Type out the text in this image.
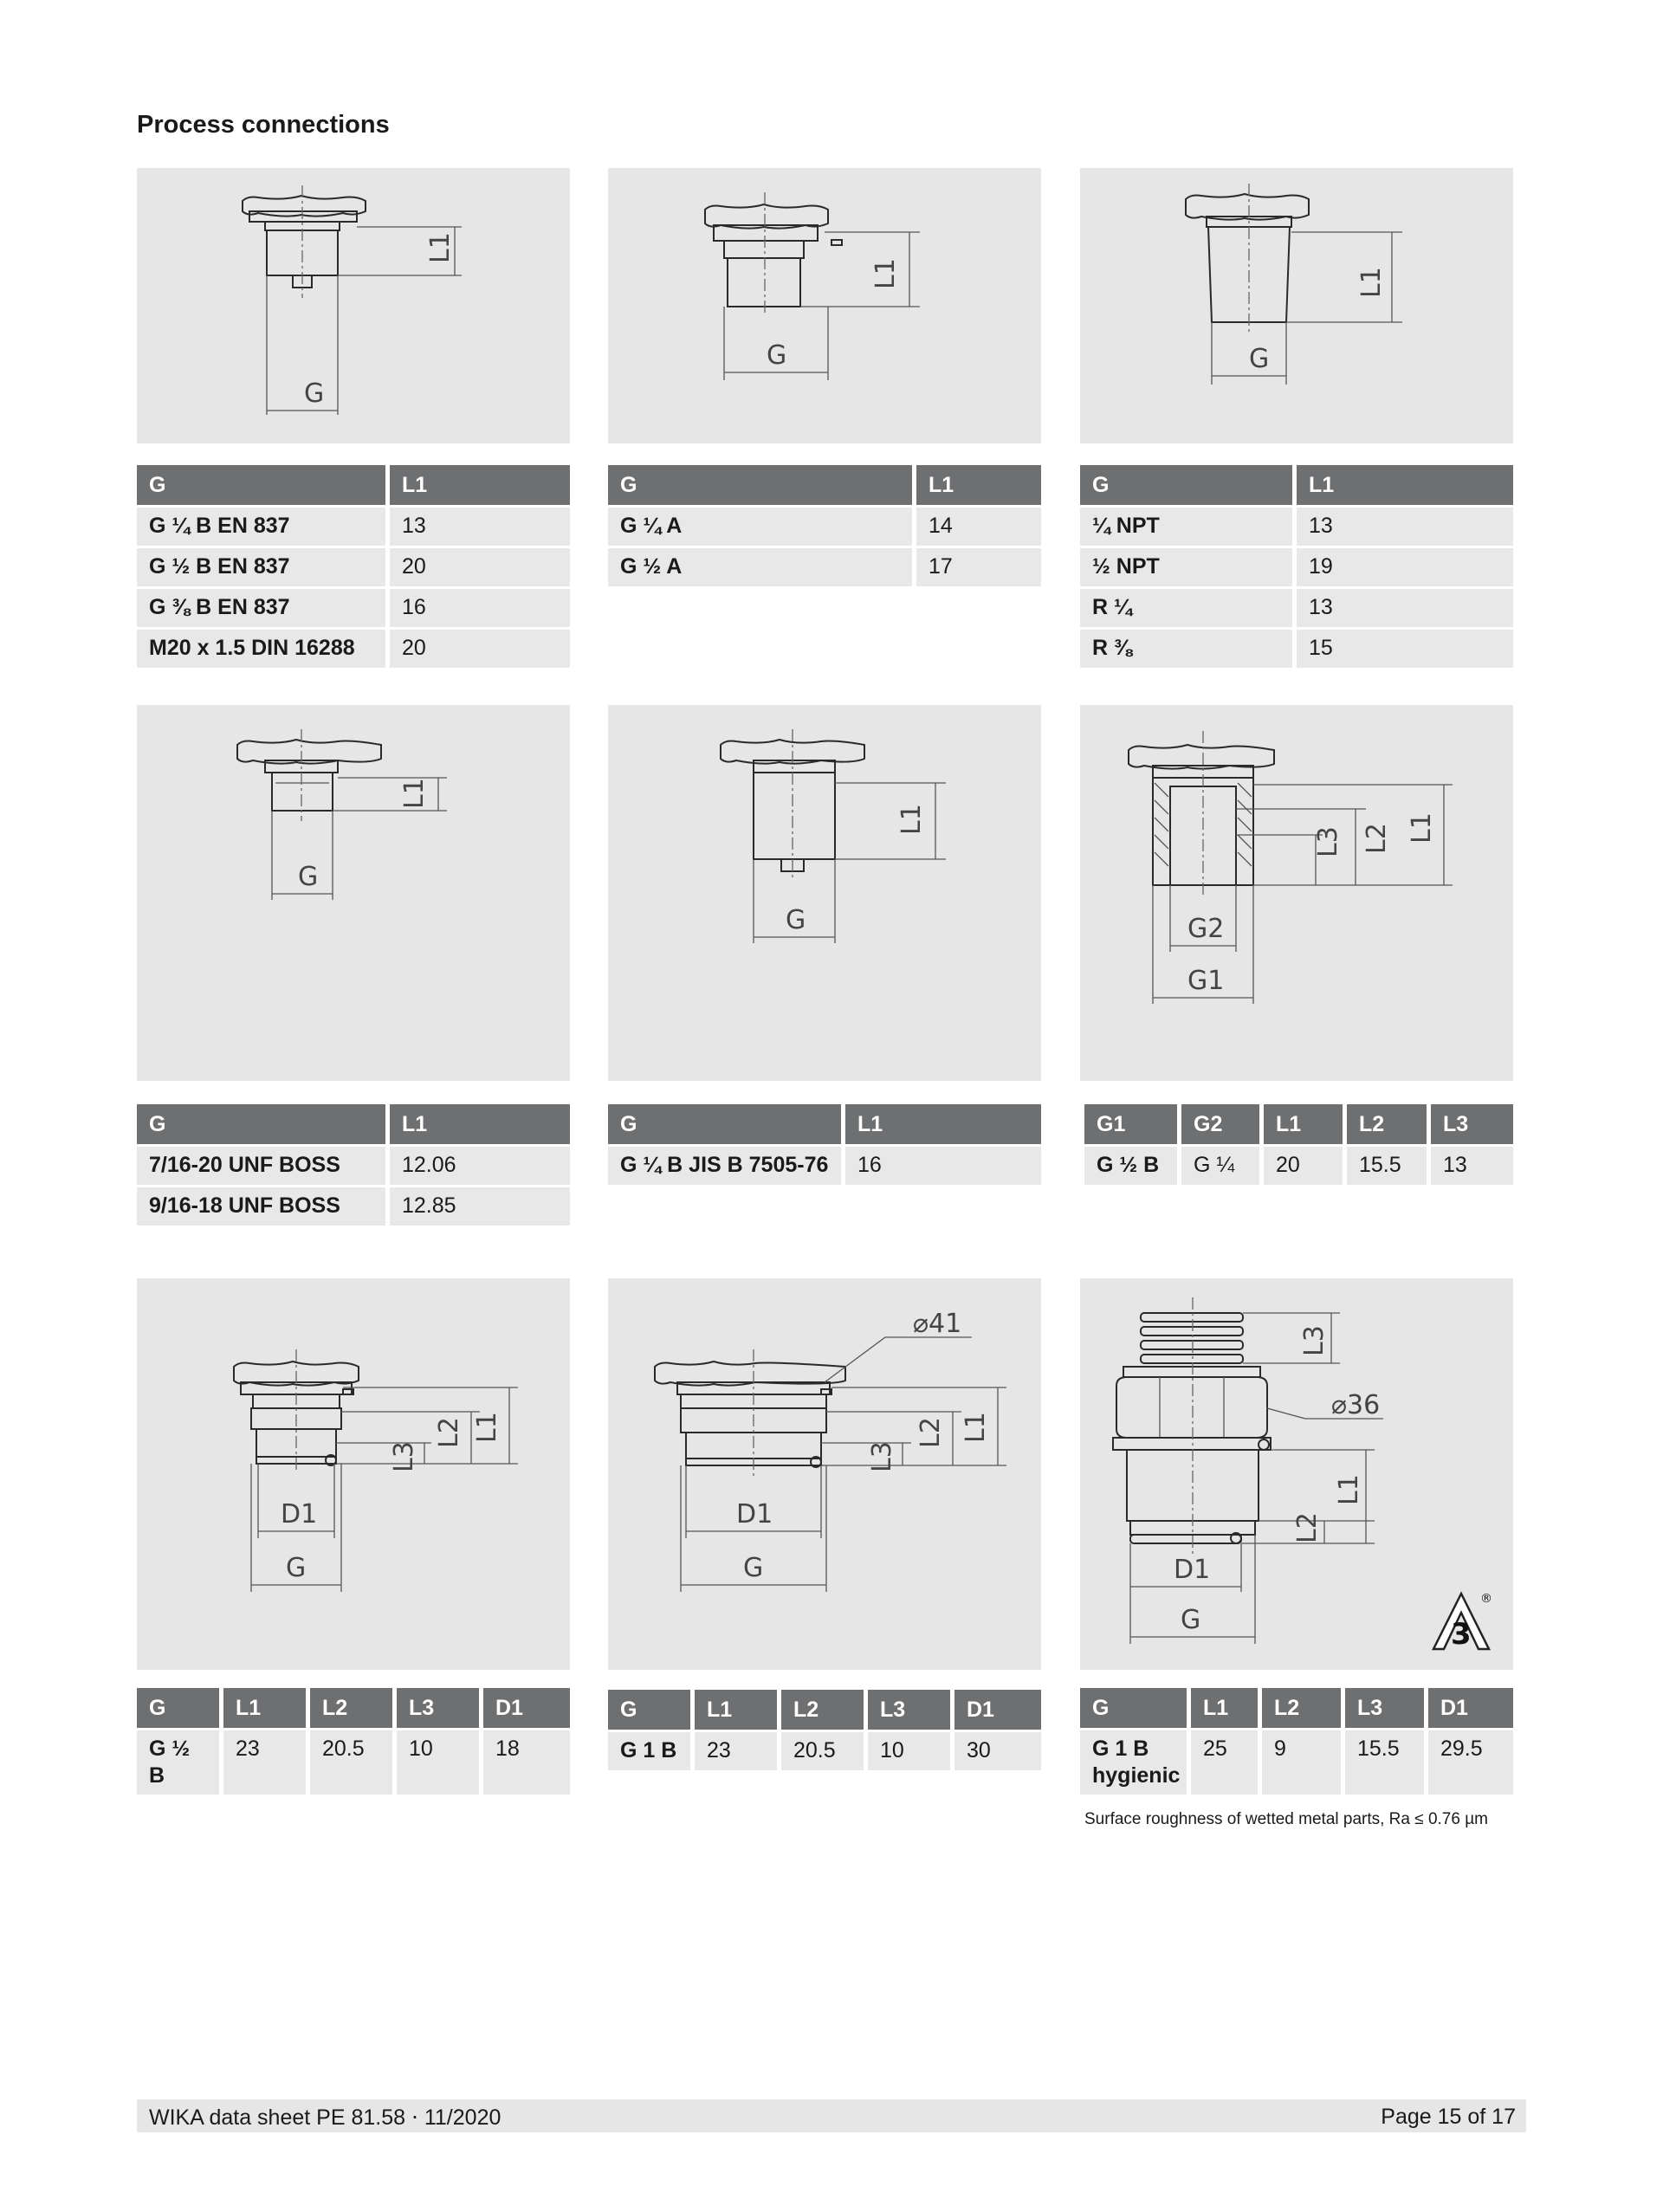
Process connections
L1
G
L1
G
L1
G
G	L1
G ¼ B EN 837	13
G ½ B EN 837	20
G ⅜ B EN 837	16
M20 x 1.5 DIN 16288	20
G	L1
G ¼ A	14
G ½ A	17
G	L1
¼ NPT	13
½ NPT	19
R ¼	13
R ⅜	15
L1
G
L1
G
L1
L2
L3
G2
G1
G	L1
7/16-20 UNF BOSS	12.06
9/16-18 UNF BOSS	12.85
G	L1
G ¼ B JIS B 7505-76	16
G1	G2	L1	L2	L3
G ½ B	G ¼	20	15.5	13
L1
L2
L3
D1
G
⌀41
L1
L2
L3
D1
G
L3
⌀36
L1
L2
D1
G	3
®
G	L1	L2	L3	D1
G ½ B	23	20.5	10	18
G	L1	L2	L3	D1
G 1 B	23	20.5	10	30
G	L1	L2	L3	D1
G 1 B hygienic	25	9	15.5	29.5
Surface roughness of wetted metal parts, Ra ≤ 0.76 µm
WIKA data sheet PE 81.58 ⋅ 11/2020	Page 15 of 17
